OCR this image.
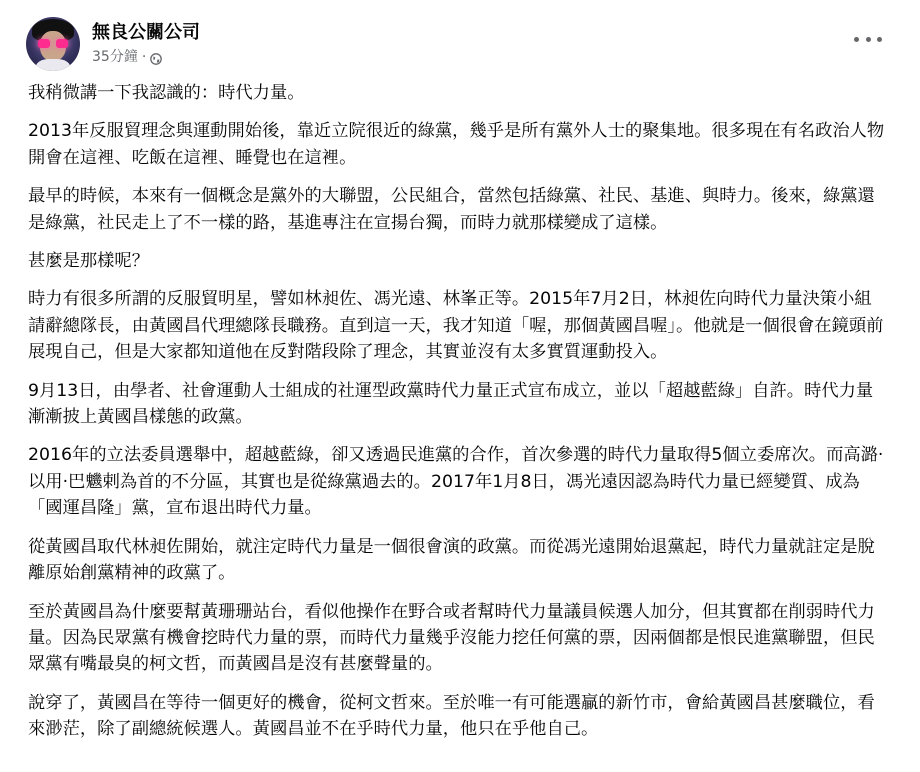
無良公關公司
35分鐘 ·

我稍微講一下我認識的：時代力量。

2013年反服貿理念與運動開始後，靠近立院很近的綠黨，幾乎是所有黨外人士的聚集地。很多現在有名政治人物開會在這裡、吃飯在這裡、睡覺也在這裡。

最早的時候，本來有一個概念是黨外的大聯盟，公民組合，當然包括綠黨、社民、基進、與時力。後來，綠黨還是綠黨，社民走上了不一樣的路，基進專注在宣揚台獨，而時力就那樣變成了這樣。

甚麼是那樣呢？

時力有很多所謂的反服貿明星，譬如林昶佐、馮光遠、林峯正等。2015年7月2日，林昶佐向時代力量決策小組請辭總隊長，由黃國昌代理總隊長職務。直到這一天，我才知道「喔，那個黃國昌喔」。他就是一個很會在鏡頭前展現自己，但是大家都知道他在反對階段除了理念，其實並沒有太多實質運動投入。

9月13日，由學者、社會運動人士組成的社運型政黨時代力量正式宣布成立，並以「超越藍綠」自許。時代力量漸漸披上黃國昌樣態的政黨。

2016年的立法委員選舉中，超越藍綠，卻又透過民進黨的合作，首次參選的時代力量取得5個立委席次。而高潞·以用·巴魕剌為首的不分區，其實也是從綠黨過去的。2017年1月8日，馮光遠因認為時代力量已經變質、成為「國運昌隆」黨，宣布退出時代力量。

從黃國昌取代林昶佐開始，就注定時代力量是一個很會演的政黨。而從馮光遠開始退黨起，時代力量就註定是脫離原始創黨精神的政黨了。

至於黃國昌為什麼要幫黃珊珊站台，看似他操作在野合或者幫時代力量議員候選人加分，但其實都在削弱時代力量。因為民眾黨有機會挖時代力量的票，而時代力量幾乎沒能力挖任何黨的票，因兩個都是恨民進黨聯盟，但民眾黨有嘴最臭的柯文哲，而黃國昌是沒有甚麼聲量的。

說穿了，黃國昌在等待一個更好的機會，從柯文哲來。至於唯一有可能選贏的新竹市，會給黃國昌甚麼職位，看來渺茫，除了副總統候選人。黃國昌並不在乎時代力量，他只在乎他自己。
